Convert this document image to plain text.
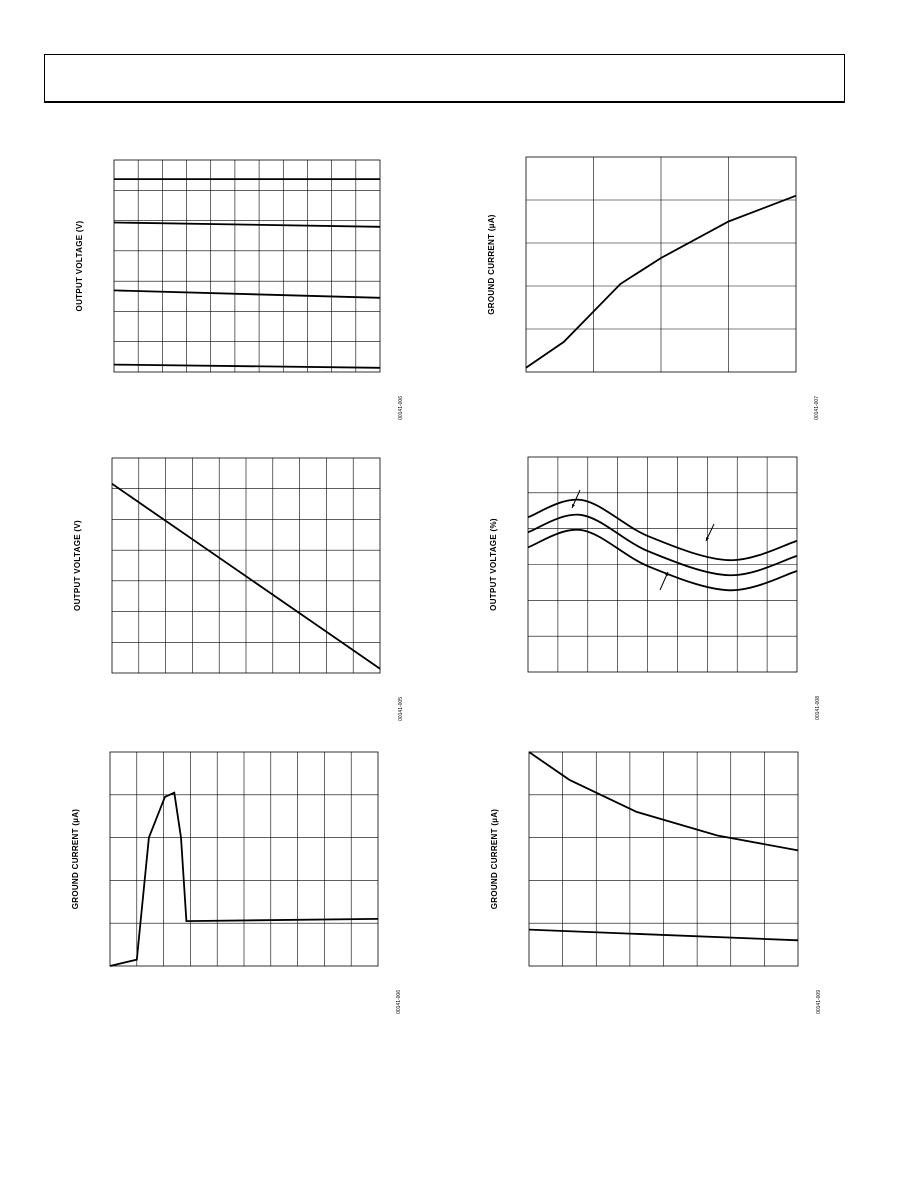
OUTPUT VOLTAGE (V)
00141-006
GROUND CURRENT (µA)
00141-007
OUTPUT VOLTAGE (V)
00141-005
OUTPUT VOLTAGE (%)
00141-008
GROUND CURRENT (µA)
00141-006
GROUND CURRENT (µA)
00141-009
